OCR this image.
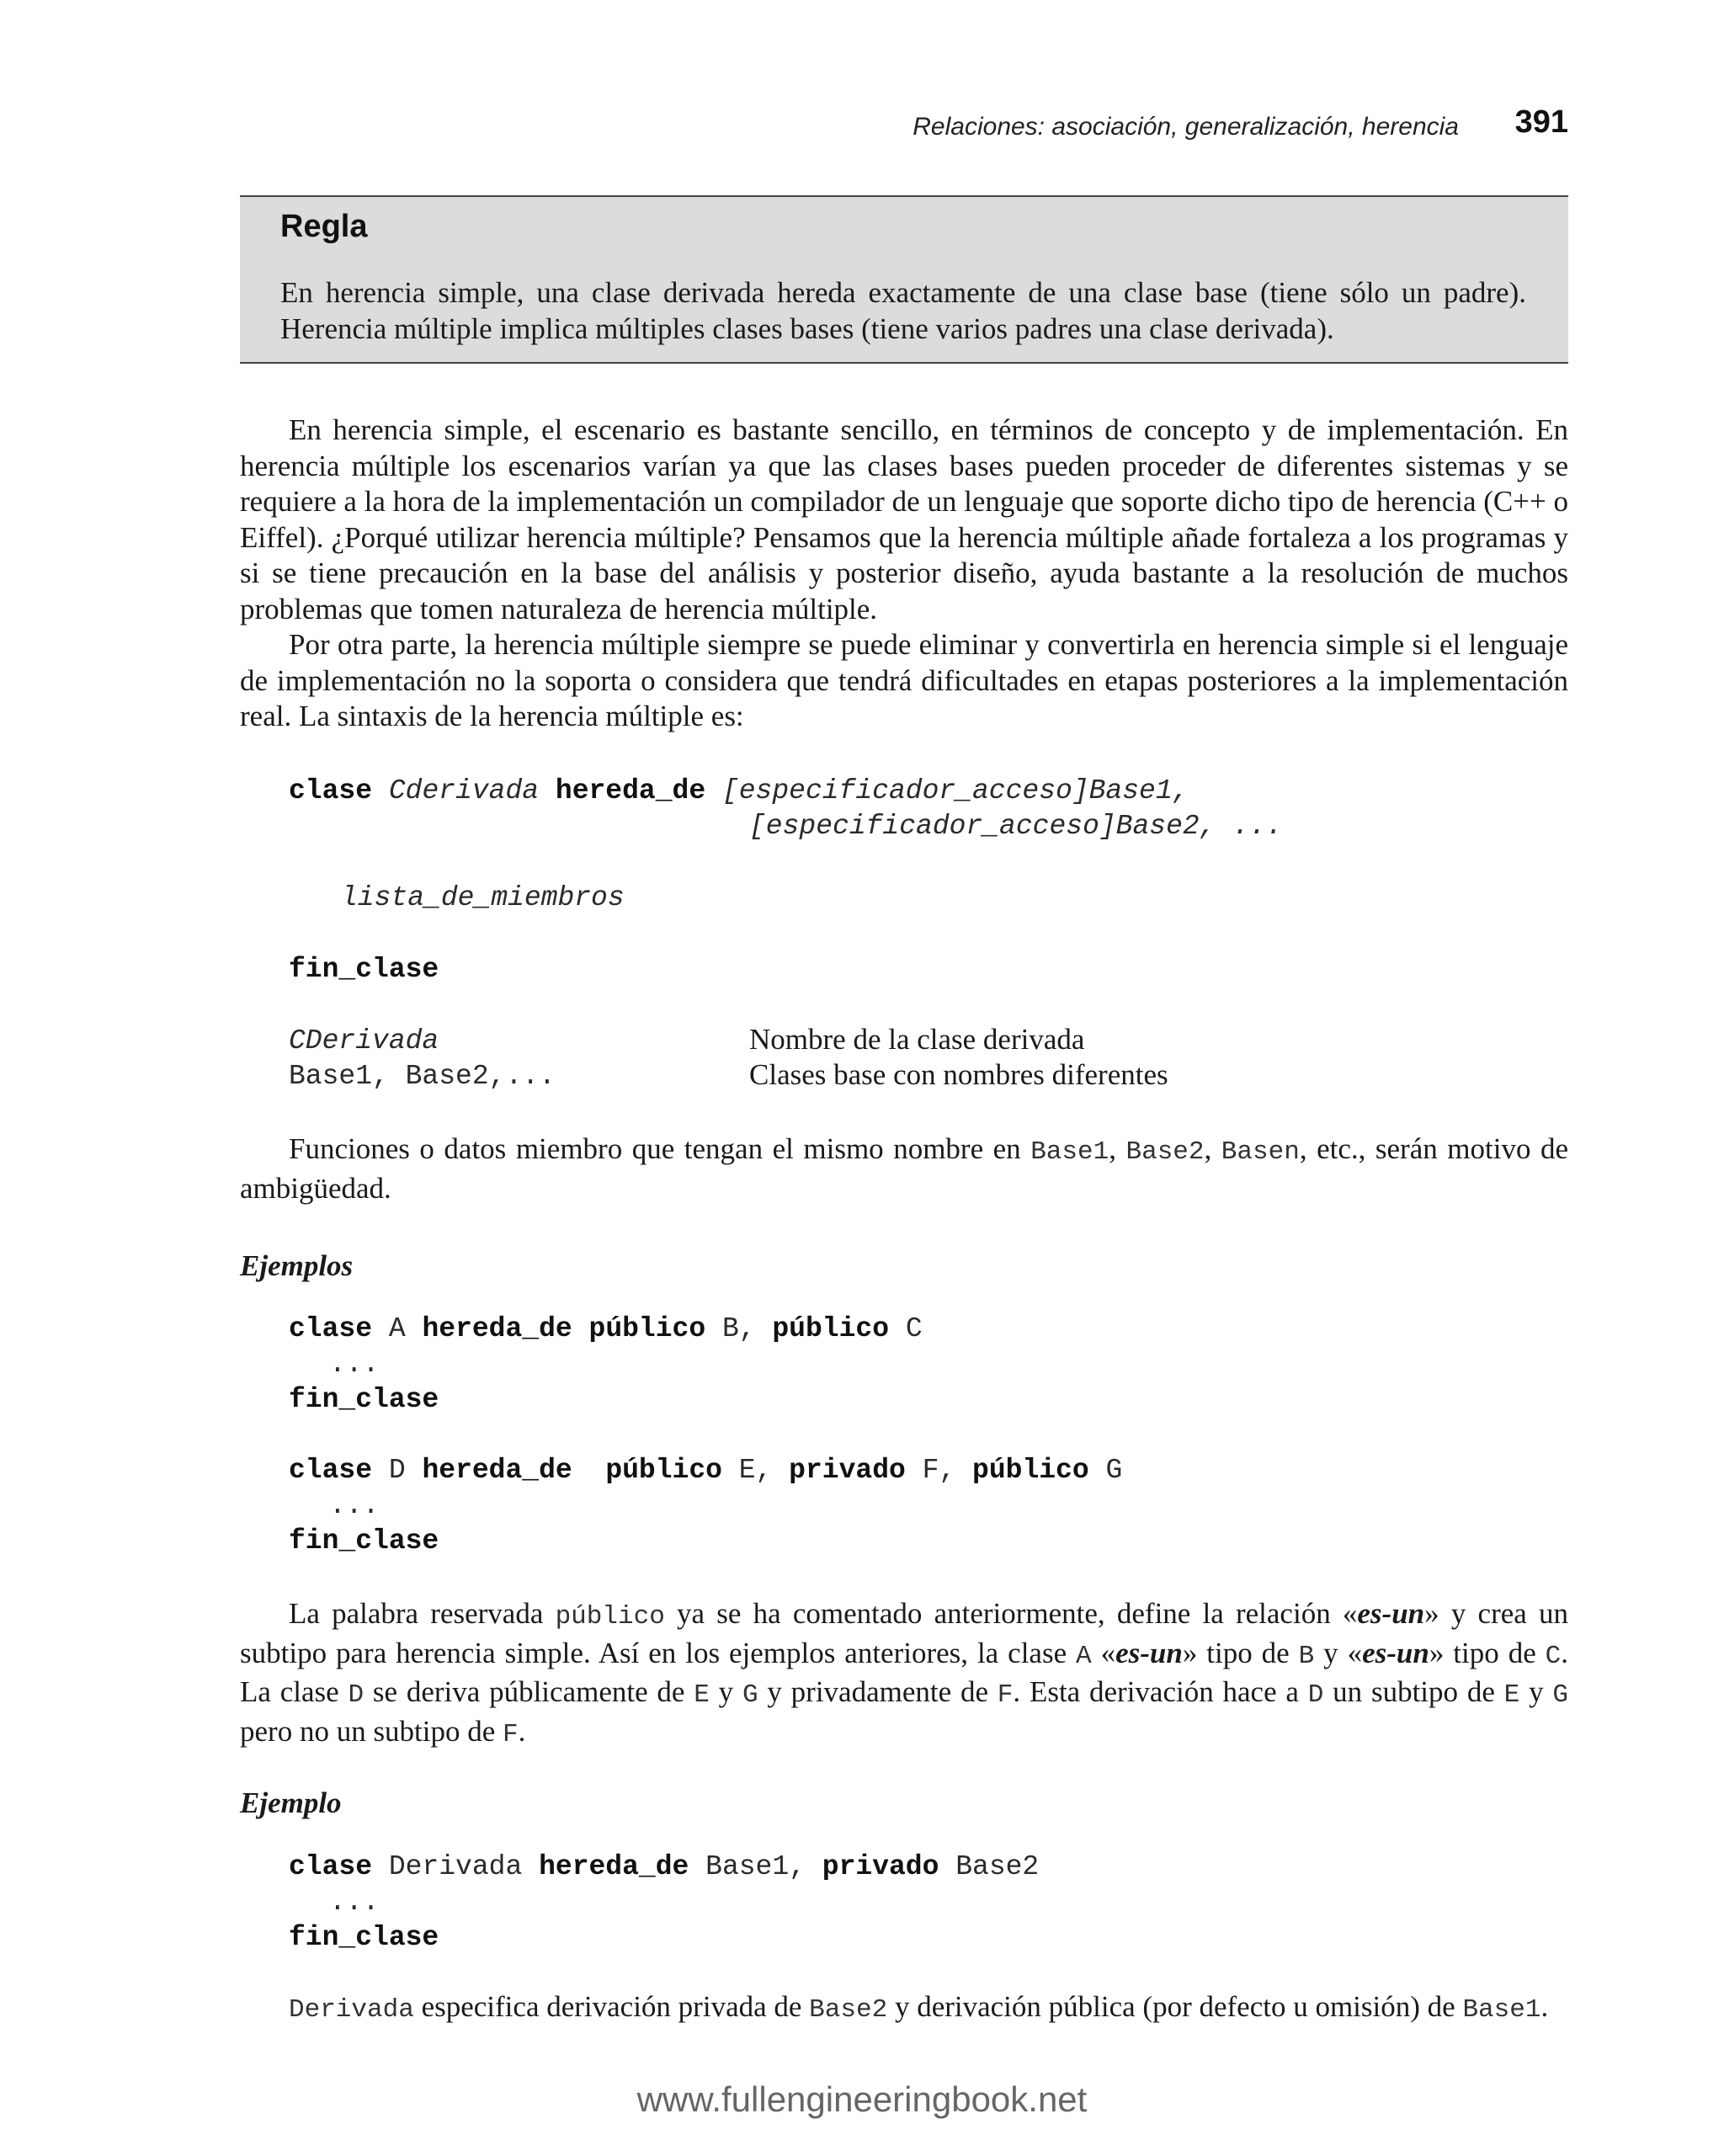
Relaciones: asociación, generalización, herencia 391
Regla
En herencia simple, una clase derivada hereda exactamente de una clase base (tiene sólo un padre). Herencia múltiple implica múltiples clases bases (tiene varios padres una clase derivada).

En herencia simple, el escenario es bastante sencillo, en términos de concepto y de implementación. En herencia múltiple los escenarios varían ya que las clases bases pueden proceder de diferentes sistemas y se requiere a la hora de la implementación un compilador de un lenguaje que soporte dicho tipo de herencia (C++ o Eiffel). ¿Porqué utilizar herencia múltiple? Pensamos que la herencia múltiple añade fortaleza a los programas y si se tiene precaución en la base del análisis y posterior diseño, ayuda bastante a la resolución de muchos problemas que tomen naturaleza de herencia múltiple.

Por otra parte, la herencia múltiple siempre se puede eliminar y convertirla en herencia simple si el lenguaje de implementación no la soporta o considera que tendrá dificultades en etapas posteriores a la implementación real. La sintaxis de la herencia múltiple es:

clase Cderivada hereda_de [especificador_acceso]Base1,
[especificador_acceso]Base2, ...
lista_de_miembros
fin_clase
CDerivada	Nombre de la clase derivada
Base1, Base2,...	Clases base con nombres diferentes

Funciones o datos miembro que tengan el mismo nombre en Base1, Base2, Basen, etc., serán motivo de ambigüedad.

Ejemplos
clase A hereda_de público B, público C
...
fin_clase
clase D hereda_de público E, privado F, público G
...
fin_clase

La palabra reservada público ya se ha comentado anteriormente, define la relación «es-un» y crea un subtipo para herencia simple. Así en los ejemplos anteriores, la clase A «es-un» tipo de B y «es-un» tipo de C. La clase D se deriva públicamente de E y G y privadamente de F. Esta derivación hace a D un subtipo de E y G pero no un subtipo de F.

Ejemplo
clase Derivada hereda_de Base1, privado Base2
...
fin_clase

Derivada especifica derivación privada de Base2 y derivación pública (por defecto u omisión) de Base1.

www.fullengineeringbook.net
